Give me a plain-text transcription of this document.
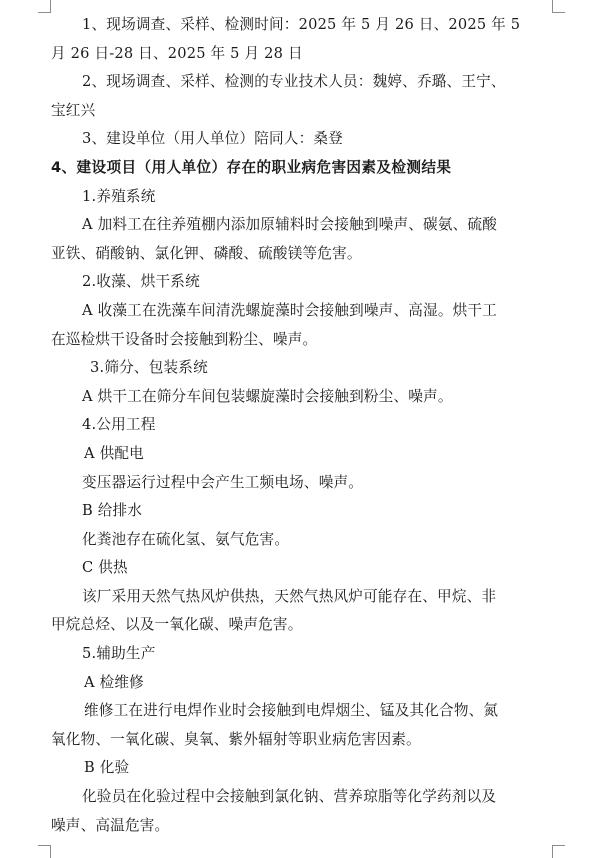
1、现场调查、采样、检测时间：2025 年 5 月 26 日、2025 年 5
月 26 日-28 日、2025 年 5 月 28 日
2、现场调查、采样、检测的专业技术人员：魏婷、乔璐、王宁、
宝红兴
3、建设单位（用人单位）陪同人：桑登
4、建设项目（用人单位）存在的职业病危害因素及检测结果
1.养殖系统
A 加料工在往养殖棚内添加原辅料时会接触到噪声、碳氨、硫酸
亚铁、硝酸钠、氯化钾、磷酸、硫酸镁等危害。
2.收藻、烘干系统
A 收藻工在洗藻车间清洗螺旋藻时会接触到噪声、高湿。烘干工
在巡检烘干设备时会接触到粉尘、噪声。
3.筛分、包装系统
A 烘干工在筛分车间包装螺旋藻时会接触到粉尘、噪声。
4.公用工程
A 供配电
变压器运行过程中会产生工频电场、噪声。
B 给排水
化粪池存在硫化氢、氨气危害。
C 供热
该厂采用天然气热风炉供热，天然气热风炉可能存在、甲烷、非
甲烷总烃、以及一氧化碳、噪声危害。
5.辅助生产
A 检维修
维修工在进行电焊作业时会接触到电焊烟尘、锰及其化合物、氮
氧化物、一氧化碳、臭氧、紫外辐射等职业病危害因素。
B 化验
化验员在化验过程中会接触到氯化钠、营养琼脂等化学药剂以及
噪声、高温危害。
